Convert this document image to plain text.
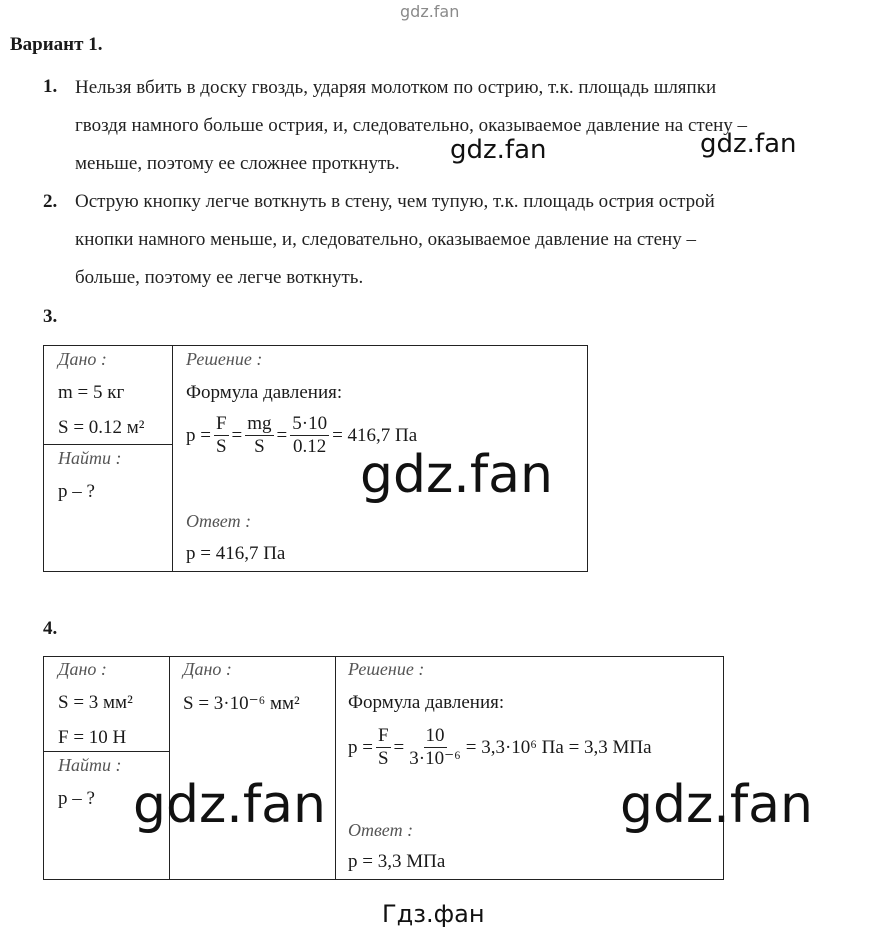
gdz.fan
gdz.fan	gdz.fan
Вариант 1.
1. Нельзя вбить в доску гвоздь, ударяя молотком по острию, т.к. площадь шляпки
гвоздя намного больше острия, и, следовательно, оказываемое давление на стену –
меньше, поэтому ее сложнее проткнуть.
2. Острую кнопку легче воткнуть в стену, чем тупую, т.к. площадь острия острой
кнопки намного меньше, и, следовательно, оказываемое давление на стену –
больше, поэтому ее легче воткнуть.
3.
Дано :
m = 5 кг
S = 0.12 м²
Найти :
p – ?
Решение :
Формула давления:
$p = \frac{F}{S} = \frac{mg}{S} = \frac{5\cdot 10}{0.12} = 416,7$ Па
gdz.fan
Ответ :
p = 416,7 Па
4.
Дано :
S = 3 мм²
F = 10 Н
Найти :
p – ?
Дано :
S = 3·10⁻⁶ мм²
Решение :
Формула давления:
$p = \frac{F}{S} = \frac{10}{\text{3·10⁻⁶}} = 3,3\cdot 10^6$ Па = 3,3 МПа
Ответ :
p = 3,3 МПа
gdz.fan	gdz.fan
Гдз.фан
